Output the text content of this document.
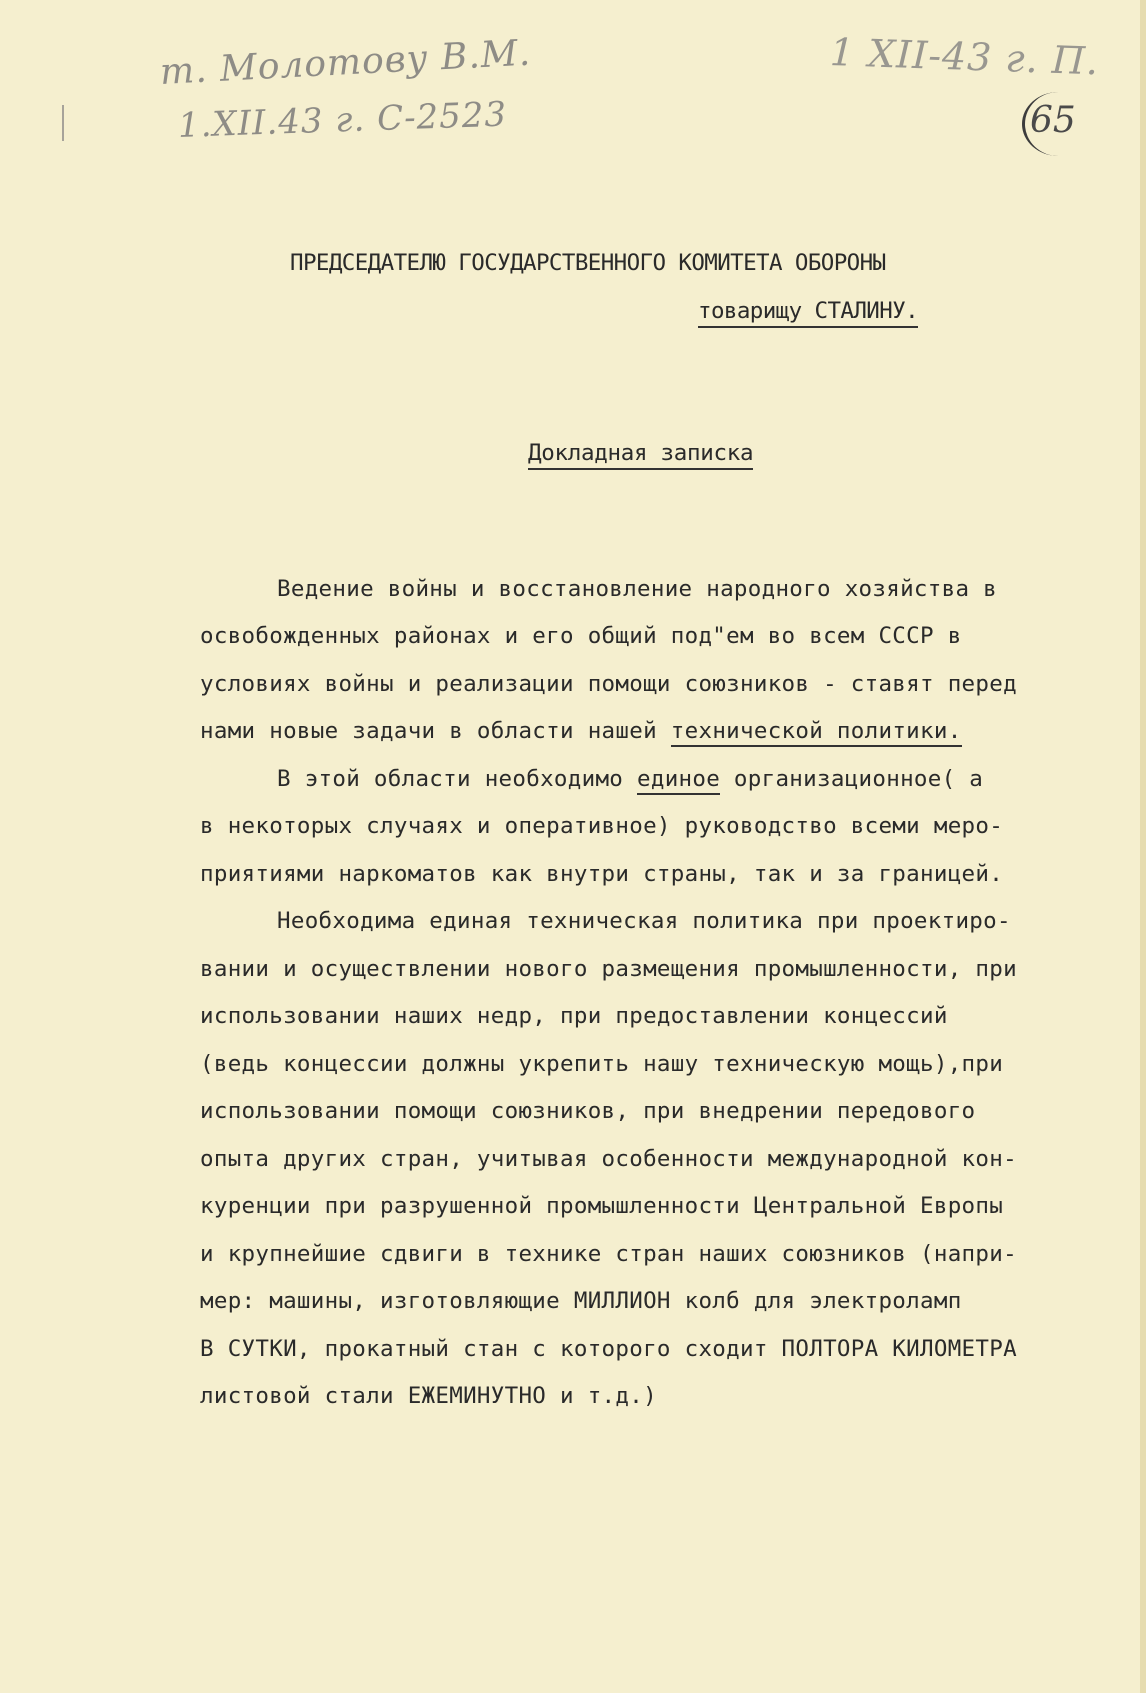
т. Молотову В.М.
1.XII.43 г. С-2523
1 XII-43 г. П.
65
ПРЕДСЕДАТЕЛЮ ГОСУДАРСТВЕННОГО КОМИТЕТА ОБОРОНЫ
товарищу СТАЛИНУ.
Докладная записка
Ведение войны и восстановление народного хозяйства в
освобожденных районах и его общий под"ем во всем СССР в
условиях войны и реализации помощи союзников - ставят перед
нами новые задачи в области нашей технической политики.
В этой области необходимо единое организационное( а
в некоторых случаях и оперативное) руководство всеми меро-
приятиями наркоматов как внутри страны, так и за границей.
Необходима единая техническая политика при проектиро-
вании и осуществлении нового размещения промышленности, при
использовании наших недр, при предоставлении концессий
(ведь концессии должны укрепить нашу техническую мощь),при
использовании помощи союзников, при внедрении передового
опыта других стран, учитывая особенности международной кон-
куренции при разрушенной промышленности Центральной Европы
и крупнейшие сдвиги в технике стран наших союзников (напри-
мер: машины, изготовляющие МИЛЛИОН колб для электроламп
В СУТКИ, прокатный стан с которого сходит ПОЛТОРА КИЛОМЕТРА
листовой стали ЕЖЕМИНУТНО и т.д.)
